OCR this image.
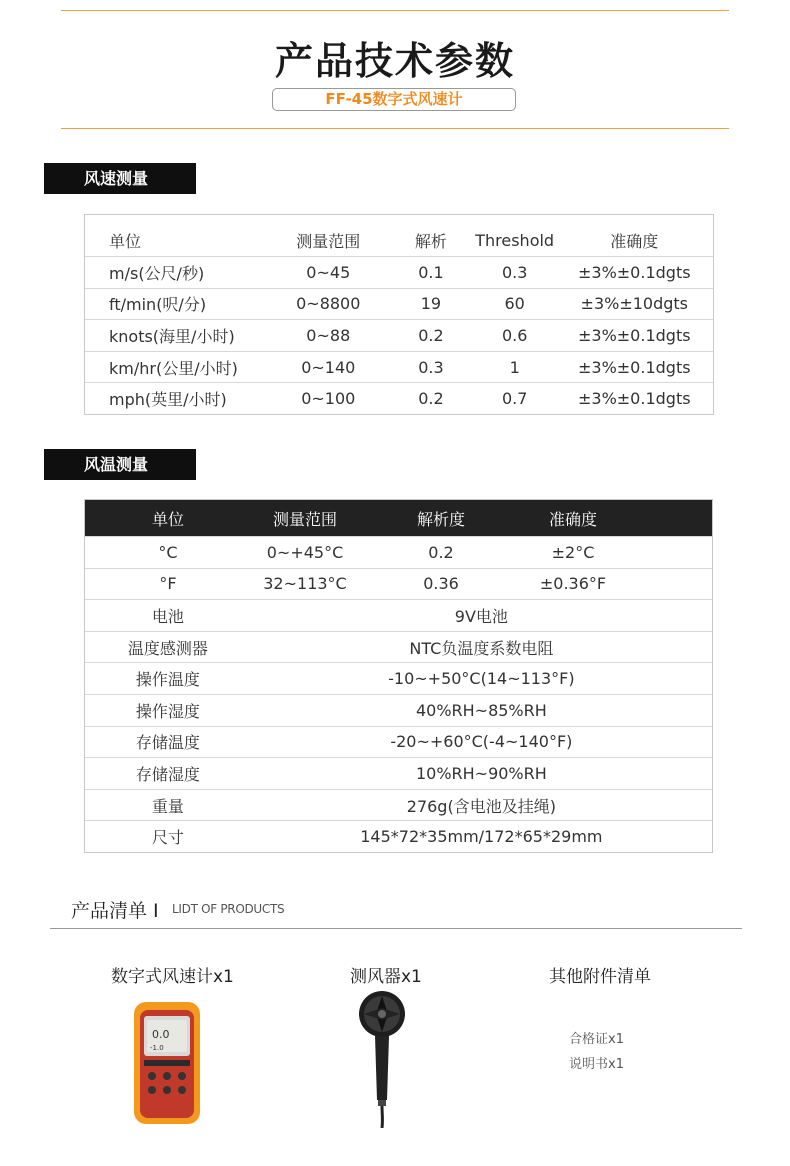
产品技术参数
FF-45数字式风速计
风速测量
单位	测量范围	解析	Threshold	准确度
m/s(公尺/秒)	0~45	0.1	0.3	±3%±0.1dgts
ft/min(呎/分)	0~8800	19	60	±3%±10dgts
knots(海里/小时)	0~88	0.2	0.6	±3%±0.1dgts
km/hr(公里/小时)	0~140	0.3	1	±3%±0.1dgts
mph(英里/小时)	0~100	0.2	0.7	±3%±0.1dgts
风温测量
单位	测量范围	解析度	准确度
°C	0~+45°C	0.2	±2°C
°F	32~113°C	0.36	±0.36°F
电池	9V电池
温度感测器	NTC负温度系数电阻
操作温度	-10~+50°C(14~113°F)
操作湿度	40%RH~85%RH
存储温度	-20~+60°C(-4~140°F)
存储湿度	10%RH~90%RH
重量	276g(含电池及挂绳)
尺寸	145*72*35mm/172*65*29mm
产品清单 I LIDT OF PRODUCTS
数字式风速计x1	测风器x1	其他附件清单
合格证x1
说明书x1
0.0
-1.0
